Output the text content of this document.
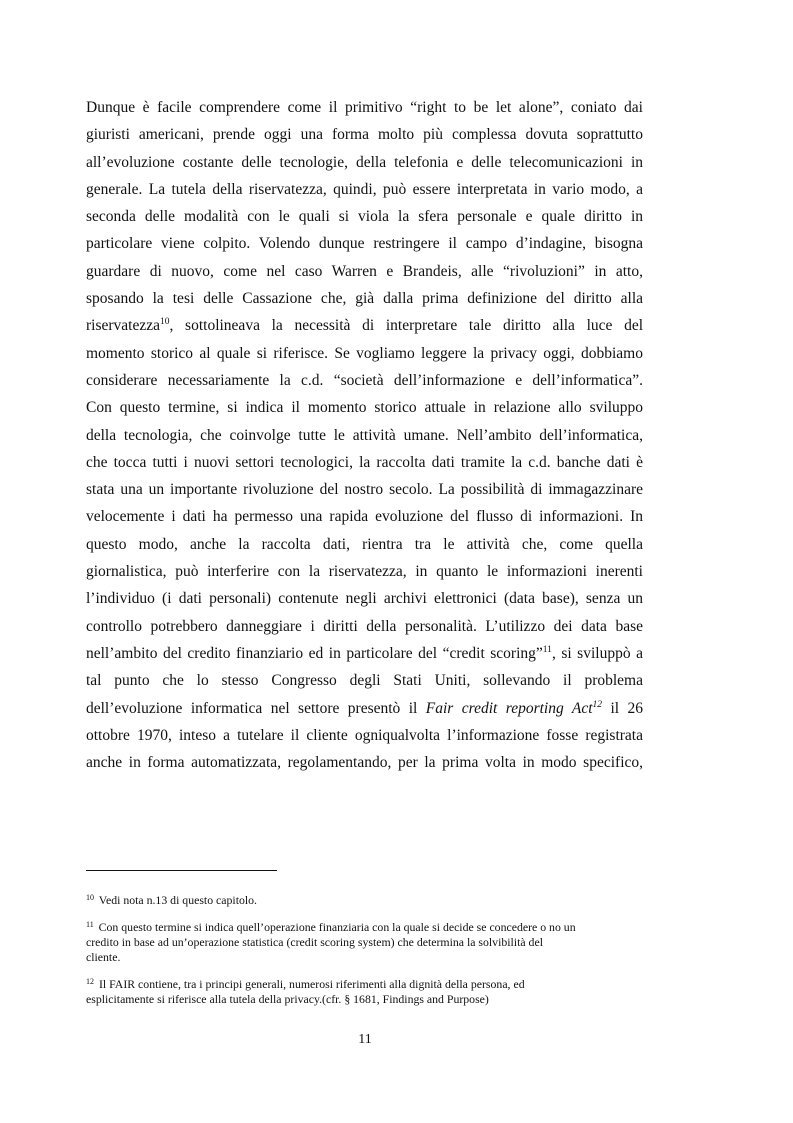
Dunque è facile comprendere come il primitivo “right to be let alone”, coniato dai
giuristi americani, prende oggi una forma molto più complessa dovuta soprattutto
all’evoluzione costante delle tecnologie, della telefonia e delle telecomunicazioni in
generale. La tutela della riservatezza, quindi, può essere interpretata in vario modo, a
seconda delle modalità con le quali si viola la sfera personale e quale diritto in
particolare viene colpito. Volendo dunque restringere il campo d’indagine, bisogna
guardare di nuovo, come nel caso Warren e Brandeis, alle “rivoluzioni” in atto,
sposando la tesi delle Cassazione che, già dalla prima definizione del diritto alla
riservatezza$^{10}$, sottolineava la necessità di interpretare tale diritto alla luce del
momento storico al quale si riferisce. Se vogliamo leggere la privacy oggi, dobbiamo
considerare necessariamente la c.d. “società dell’informazione e dell’informatica”.
Con questo termine, si indica il momento storico attuale in relazione allo sviluppo
della tecnologia, che coinvolge tutte le attività umane. Nell’ambito dell’informatica,
che tocca tutti i nuovi settori tecnologici, la raccolta dati tramite la c.d. banche dati è
stata una un importante rivoluzione del nostro secolo. La possibilità di immagazzinare
velocemente i dati ha permesso una rapida evoluzione del flusso di informazioni. In
questo modo, anche la raccolta dati, rientra tra le attività che, come quella
giornalistica, può interferire con la riservatezza, in quanto le informazioni inerenti
l’individuo (i dati personali) contenute negli archivi elettronici (data base), senza un
controllo potrebbero danneggiare i diritti della personalità. L’utilizzo dei data base
nell’ambito del credito finanziario ed in particolare del “credit scoring”$^{11}$, si sviluppò a
tal punto che lo stesso Congresso degli Stati Uniti, sollevando il problema
dell’evoluzione informatica nel settore presentò il Fair credit reporting Act$^{12}$ il 26
ottobre 1970, inteso a tutelare il cliente ogniqualvolta l’informazione fosse registrata
anche in forma automatizzata, regolamentando, per la prima volta in modo specifico,
$^{10}$ Vedi nota n.13 di questo capitolo.
$^{11}$ Con questo termine si indica quell’operazione finanziaria con la quale si decide se concedere o no un
credito in base ad un’operazione statistica (credit scoring system) che determina la solvibilità del
cliente.
$^{12}$ Il FAIR contiene, tra i principi generali, numerosi riferimenti alla dignità della persona, ed
esplicitamente si riferisce alla tutela della privacy.(cfr. § 1681, Findings and Purpose)
11
